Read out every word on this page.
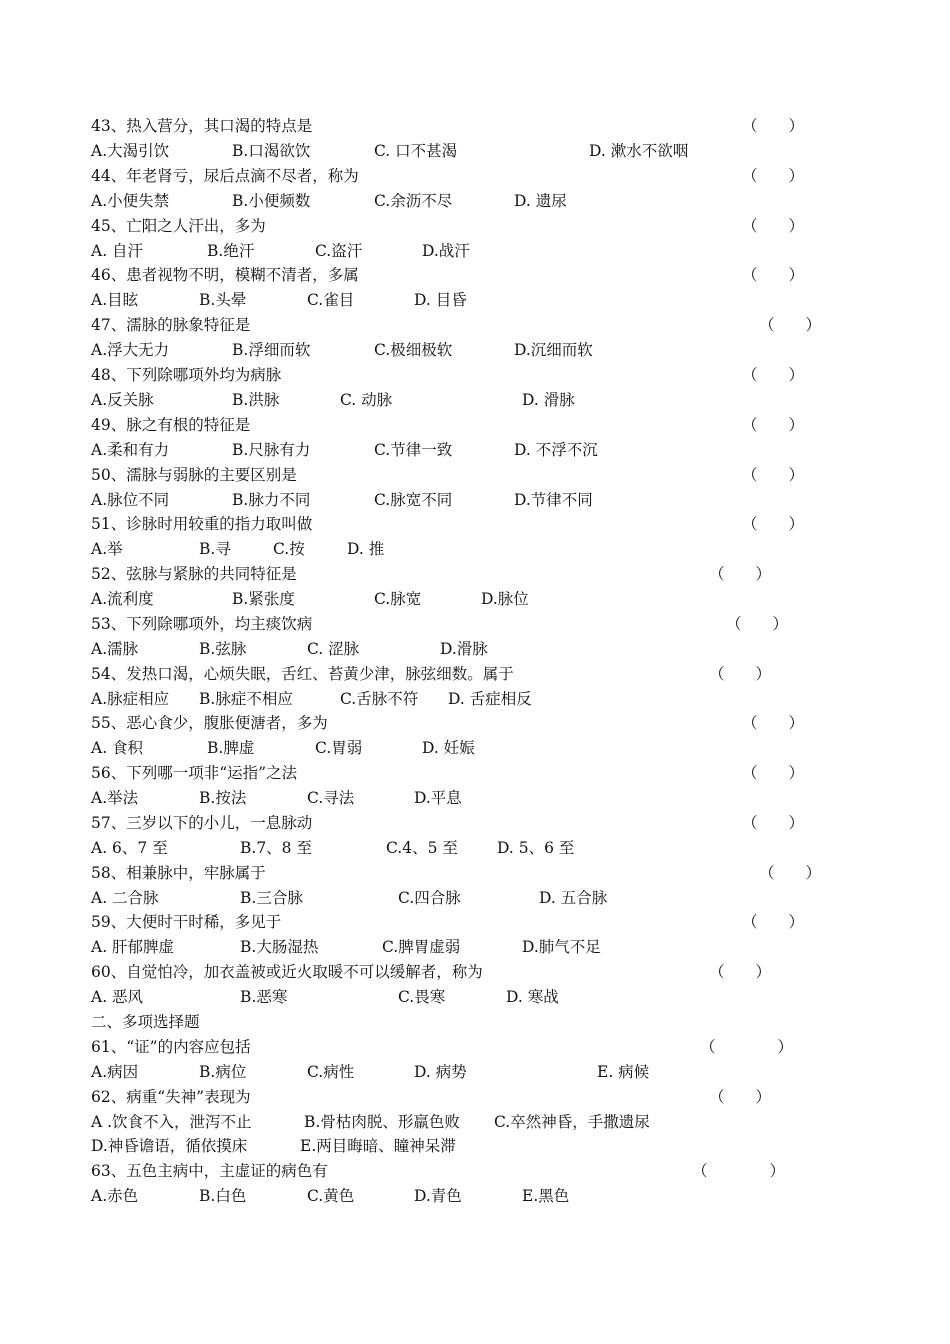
43、热入营分，其口渴的特点是	（　　）
A.大渴引饮	B.口渴欲饮	C. 口不甚渴	D. 漱水不欲咽
44、年老肾亏，尿后点滴不尽者，称为	（　　）
A.小便失禁	B.小便频数	C.余沥不尽	D. 遗尿
45、亡阳之人汗出，多为	（　　）
A. 自汗	B.绝汗	C.盗汗	D.战汗
46、患者视物不明，模糊不清者，多属	（　　）
A.目眩	B.头晕	C.雀目	D. 目昏
47、濡脉的脉象特征是	（　　）
A.浮大无力	B.浮细而软	C.极细极软	D.沉细而软
48、下列除哪项外均为病脉	（　　）
A.反关脉	B.洪脉	C. 动脉	D. 滑脉
49、脉之有根的特征是	（　　）
A.柔和有力	B.尺脉有力	C.节律一致	D. 不浮不沉
50、濡脉与弱脉的主要区别是	（　　）
A.脉位不同	B.脉力不同	C.脉宽不同	D.节律不同
51、诊脉时用较重的指力取叫做	（　　）
A.举	B.寻	C.按	D. 推
52、弦脉与紧脉的共同特征是	（　　）
A.流利度	B.紧张度	C.脉宽	D.脉位
53、下列除哪项外，均主痰饮病	（　　）
A.濡脉	B.弦脉	C. 涩脉	D.滑脉
54、发热口渴，心烦失眠，舌红、苔黄少津，脉弦细数。属于	（　　）
A.脉症相应 B.脉症不相应	C.舌脉不符 D. 舌症相反
55、恶心食少，腹胀便溏者，多为	（　　）
A. 食积	B.脾虚	C.胃弱	D. 妊娠
56、下列哪一项非“运指”之法	（　　）
A.举法	B.按法	C.寻法	D.平息
57、三岁以下的小儿，一息脉动	（　　）
A. 6、7 至	B.7、8 至	C.4、5 至	D. 5、6 至
58、相兼脉中，牢脉属于	（　　）
A. 二合脉	B.三合脉	C.四合脉	D. 五合脉
59、大便时干时稀，多见于	（　　）
A. 肝郁脾虚	B.大肠湿热	C.脾胃虚弱	D.肺气不足
60、自觉怕冷，加衣盖被或近火取暖不可以缓解者，称为	（　　）
A. 恶风	B.恶寒	C.畏寒	D. 寒战
二、多项选择题
61、“证”的内容应包括	（　　　　）
A.病因	B.病位	C.病性	D. 病势	E. 病候
62、病重“失神”表现为	（　　）
A .饮食不入，泄泻不止	B.骨枯肉脱、形羸色败 C.卒然神昏，手撒遗尿
D.神昏谵语，循依摸床	E.两目晦暗、瞳神呆滞
63、五色主病中，主虚证的病色有	（　　　　）
A.赤色	B.白色	C.黄色	D.青色	E.黑色
